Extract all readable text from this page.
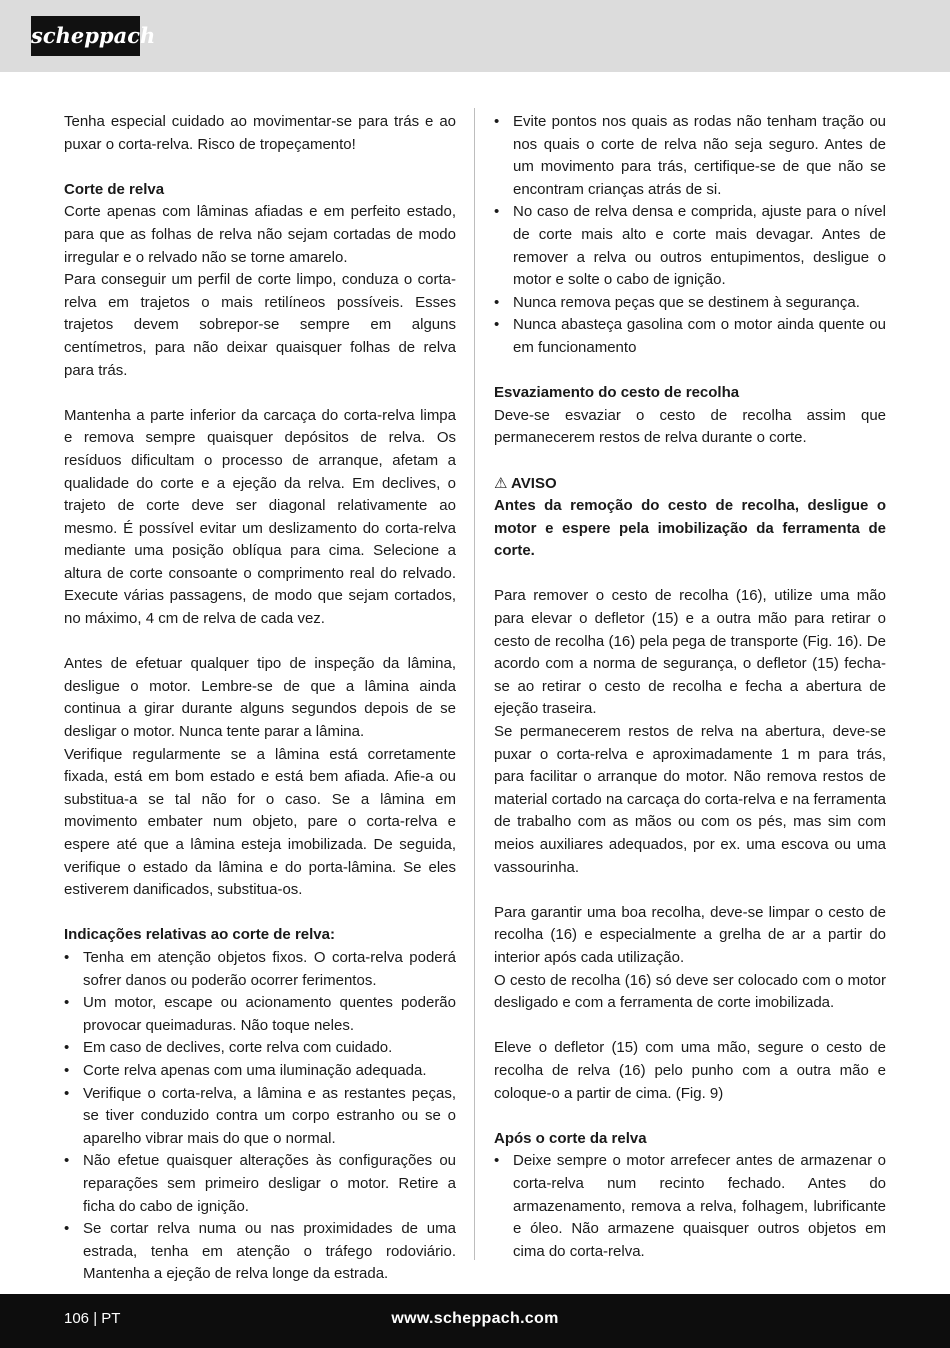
scheppach

Tenha especial cuidado ao movimentar-se para trás e ao puxar o corta-relva. Risco de tropeçamento!

Corte de relva

Corte apenas com lâminas afiadas e em perfeito estado, para que as folhas de relva não sejam cortadas de modo irregular e o relvado não se torne amarelo.

Para conseguir um perfil de corte limpo, conduza o corta-relva em trajetos o mais retilíneos possíveis. Esses trajetos devem sobrepor-se sempre em alguns centímetros, para não deixar quaisquer folhas de relva para trás.

Mantenha a parte inferior da carcaça do corta-relva limpa e remova sempre quaisquer depósitos de relva. Os resíduos dificultam o processo de arranque, afetam a qualidade do corte e a ejeção da relva. Em declives, o trajeto de corte deve ser diagonal relativamente ao mesmo. É possível evitar um deslizamento do corta-relva mediante uma posição oblíqua para cima. Selecione a altura de corte consoante o comprimento real do relvado. Execute várias passagens, de modo que sejam cortados, no máximo, 4 cm de relva de cada vez.

Antes de efetuar qualquer tipo de inspeção da lâmina, desligue o motor. Lembre-se de que a lâmina ainda continua a girar durante alguns segundos depois de se desligar o motor. Nunca tente parar a lâmina.

Verifique regularmente se a lâmina está corretamente fixada, está em bom estado e está bem afiada. Afie-a ou substitua-a se tal não for o caso. Se a lâmina em movimento embater num objeto, pare o corta-relva e espere até que a lâmina esteja imobilizada. De seguida, verifique o estado da lâmina e do porta-lâmina. Se eles estiverem danificados, substitua-os.

Indicações relativas ao corte de relva:

• Tenha em atenção objetos fixos. O corta-relva poderá sofrer danos ou poderão ocorrer ferimentos.
• Um motor, escape ou acionamento quentes poderão provocar queimaduras. Não toque neles.
• Em caso de declives, corte relva com cuidado.
• Corte relva apenas com uma iluminação adequada.
• Verifique o corta-relva, a lâmina e as restantes peças, se tiver conduzido contra um corpo estranho ou se o aparelho vibrar mais do que o normal.
• Não efetue quaisquer alterações às configurações ou reparações sem primeiro desligar o motor. Retire a ficha do cabo de ignição.
• Se cortar relva numa ou nas proximidades de uma estrada, tenha em atenção o tráfego rodoviário. Mantenha a ejeção de relva longe da estrada.
• Evite pontos nos quais as rodas não tenham tração ou nos quais o corte de relva não seja seguro. Antes de um movimento para trás, certifique-se de que não se encontram crianças atrás de si.
• No caso de relva densa e comprida, ajuste para o nível de corte mais alto e corte mais devagar. Antes de remover a relva ou outros entupimentos, desligue o motor e solte o cabo de ignição.
• Nunca remova peças que se destinem à segurança.
• Nunca abasteça gasolina com o motor ainda quente ou em funcionamento

Esvaziamento do cesto de recolha

Deve-se esvaziar o cesto de recolha assim que permanecerem restos de relva durante o corte.

⚠ AVISO

Antes da remoção do cesto de recolha, desligue o motor e espere pela imobilização da ferramenta de corte.

Para remover o cesto de recolha (16), utilize uma mão para elevar o defletor (15) e a outra mão para retirar o cesto de recolha (16) pela pega de transporte (Fig. 16). De acordo com a norma de segurança, o defletor (15) fecha-se ao retirar o cesto de recolha e fecha a abertura de ejeção traseira.

Se permanecerem restos de relva na abertura, deve-se puxar o corta-relva e aproximadamente 1 m para trás, para facilitar o arranque do motor. Não remova restos de material cortado na carcaça do corta-relva e na ferramenta de trabalho com as mãos ou com os pés, mas sim com meios auxiliares adequados, por ex. uma escova ou uma vassourinha.

Para garantir uma boa recolha, deve-se limpar o cesto de recolha (16) e especialmente a grelha de ar a partir do interior após cada utilização.

O cesto de recolha (16) só deve ser colocado com o motor desligado e com a ferramenta de corte imobilizada.

Eleve o defletor (15) com uma mão, segure o cesto de recolha de relva (16) pelo punho com a outra mão e coloque-o a partir de cima. (Fig. 9)

Após o corte da relva

• Deixe sempre o motor arrefecer antes de armazenar o corta-relva num recinto fechado. Antes do armazenamento, remova a relva, folhagem, lubrificante e óleo. Não armazene quaisquer outros objetos em cima do corta-relva.
106 | PT	www.scheppach.com
